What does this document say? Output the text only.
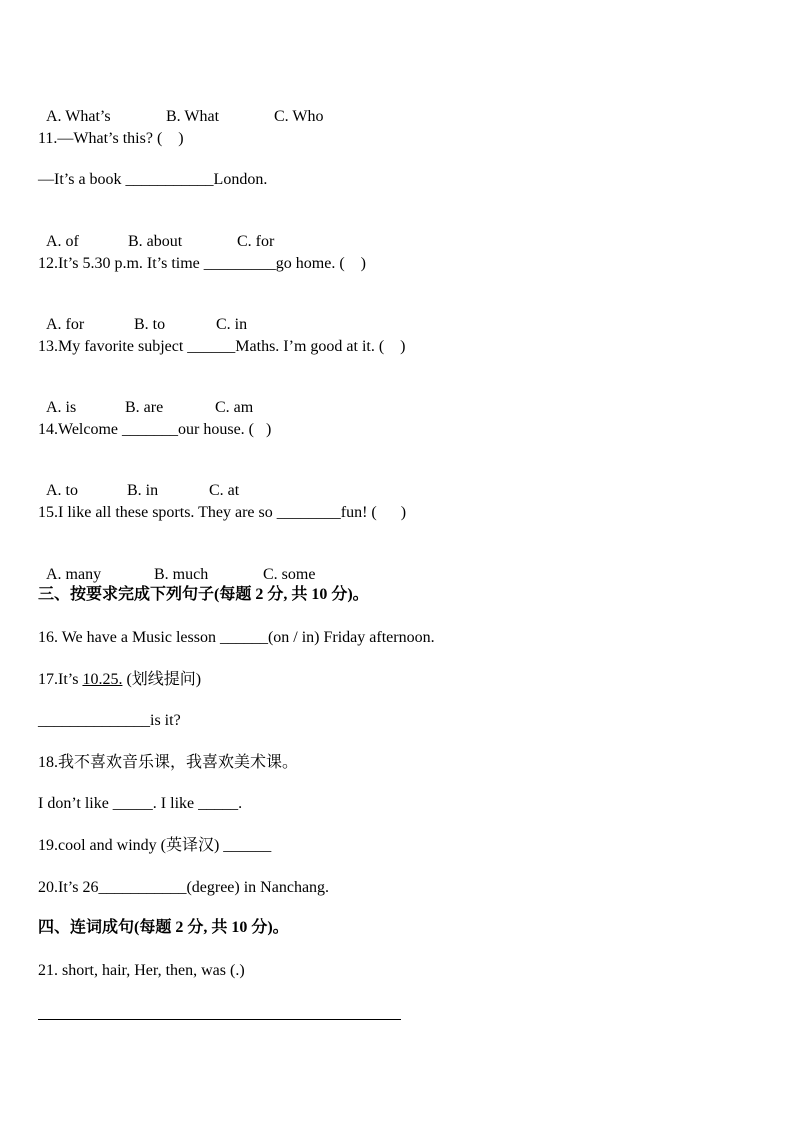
A. What’s	B. What	C. Who

11.—What’s this? (    )
—It’s a book ___________London.

A. of	B. about	C. for

12.It’s 5.30 p.m. It’s time _________go home. (    )

A. for	B. to	C. in

13.My favorite subject ______Maths. I’m good at it. (    )

A. is	B. are	C. am

14.Welcome _______our house. (   )

A. to	B. in	C. at

15.I like all these sports. They are so ________fun! (      )

A. many	B. much	C. some

三、按要求完成下列句子(每题 2 分, 共 10 分)。
16. We have a Music lesson ______(on / in) Friday afternoon.
17.It’s 10.25. (划线提问)
______________is it?
18.我不喜欢音乐课，我喜欢美术课。
I don’t like _____. I like _____.
19.cool and windy (英译汉) ______
20.It’s 26___________(degree) in Nanchang.
四、连词成句(每题 2 分, 共 10 分)。
21. short, hair, Her, then, was (.)
